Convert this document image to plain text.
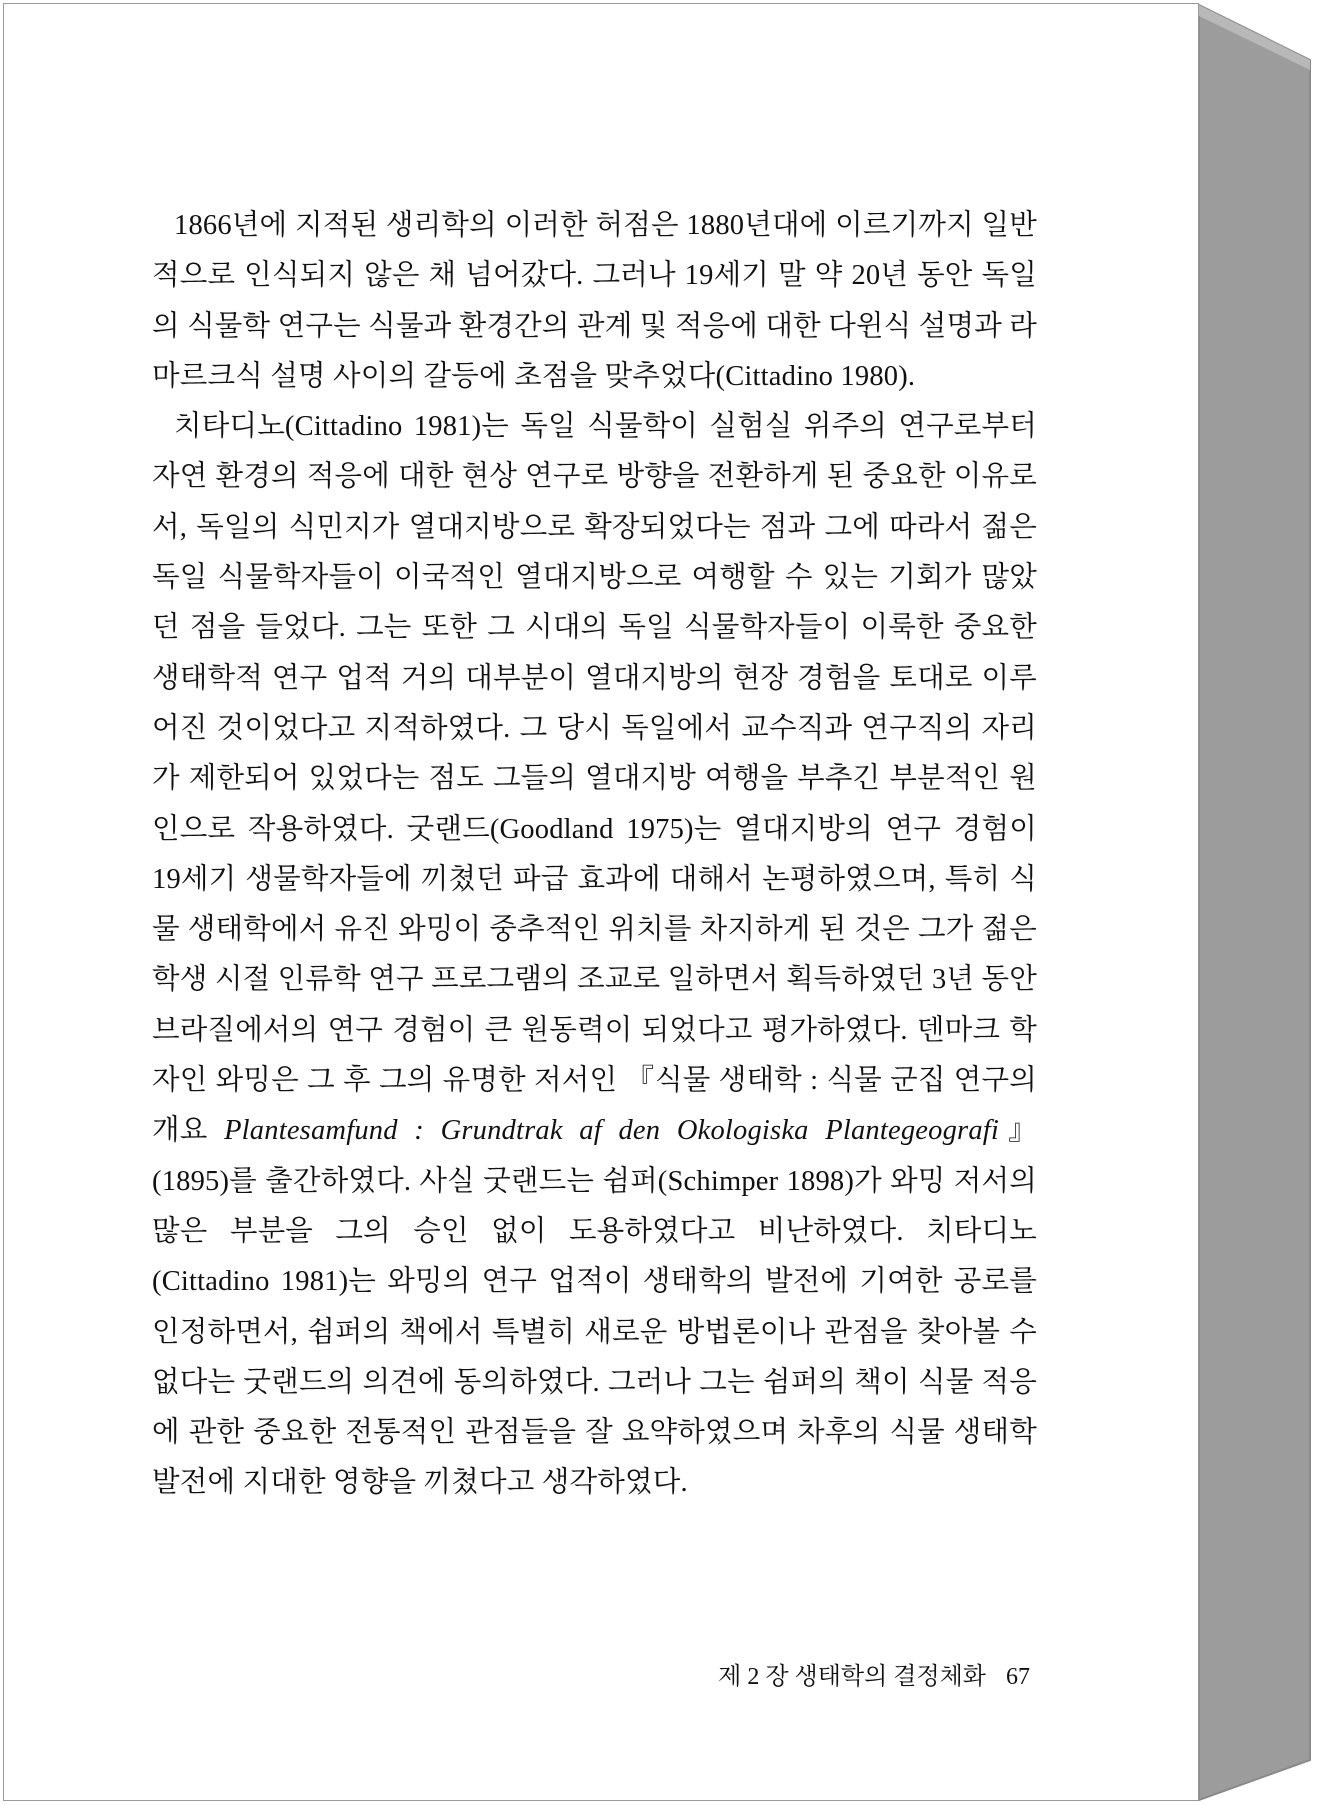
1866년에 지적된 생리학의 이러한 허점은 1880년대에 이르기까지 일반적으로 인식되지 않은 채 넘어갔다. 그러나 19세기 말 약 20년 동안 독일의 식물학 연구는 식물과 환경간의 관계 및 적응에 대한 다윈식 설명과 라마르크식 설명 사이의 갈등에 초점을 맞추었다(Cittadino 1980).

치타디노(Cittadino 1981)는 독일 식물학이 실험실 위주의 연구로부터 자연 환경의 적응에 대한 현상 연구로 방향을 전환하게 된 중요한 이유로서, 독일의 식민지가 열대지방으로 확장되었다는 점과 그에 따라서 젊은 독일 식물학자들이 이국적인 열대지방으로 여행할 수 있는 기회가 많았던 점을 들었다. 그는 또한 그 시대의 독일 식물학자들이 이룩한 중요한 생태학적 연구 업적 거의 대부분이 열대지방의 현장 경험을 토대로 이루어진 것이었다고 지적하였다. 그 당시 독일에서 교수직과 연구직의 자리가 제한되어 있었다는 점도 그들의 열대지방 여행을 부추긴 부분적인 원인으로 작용하였다. 굿랜드(Goodland 1975)는 열대지방의 연구 경험이 19세기 생물학자들에 끼쳤던 파급 효과에 대해서 논평하였으며, 특히 식물 생태학에서 유진 와밍이 중추적인 위치를 차지하게 된 것은 그가 젊은 학생 시절 인류학 연구 프로그램의 조교로 일하면서 획득하였던 3년 동안 브라질에서의 연구 경험이 큰 원동력이 되었다고 평가하였다. 덴마크 학자인 와밍은 그 후 그의 유명한 저서인 『식물 생태학 : 식물 군집 연구의 개요 Plantesamfund : Grundtrak af den Okologiska Plantegeografi』(1895)를 출간하였다. 사실 굿랜드는 쉼퍼(Schimper 1898)가 와밍 저서의 많은 부분을 그의 승인 없이 도용하였다고 비난하였다. 치타디노(Cittadino 1981)는 와밍의 연구 업적이 생태학의 발전에 기여한 공로를 인정하면서, 쉼퍼의 책에서 특별히 새로운 방법론이나 관점을 찾아볼 수 없다는 굿랜드의 의견에 동의하였다. 그러나 그는 쉼퍼의 책이 식물 적응에 관한 중요한 전통적인 관점들을 잘 요약하였으며 차후의 식물 생태학 발전에 지대한 영향을 끼쳤다고 생각하였다.

제 2 장 생태학의 결정체화 67
